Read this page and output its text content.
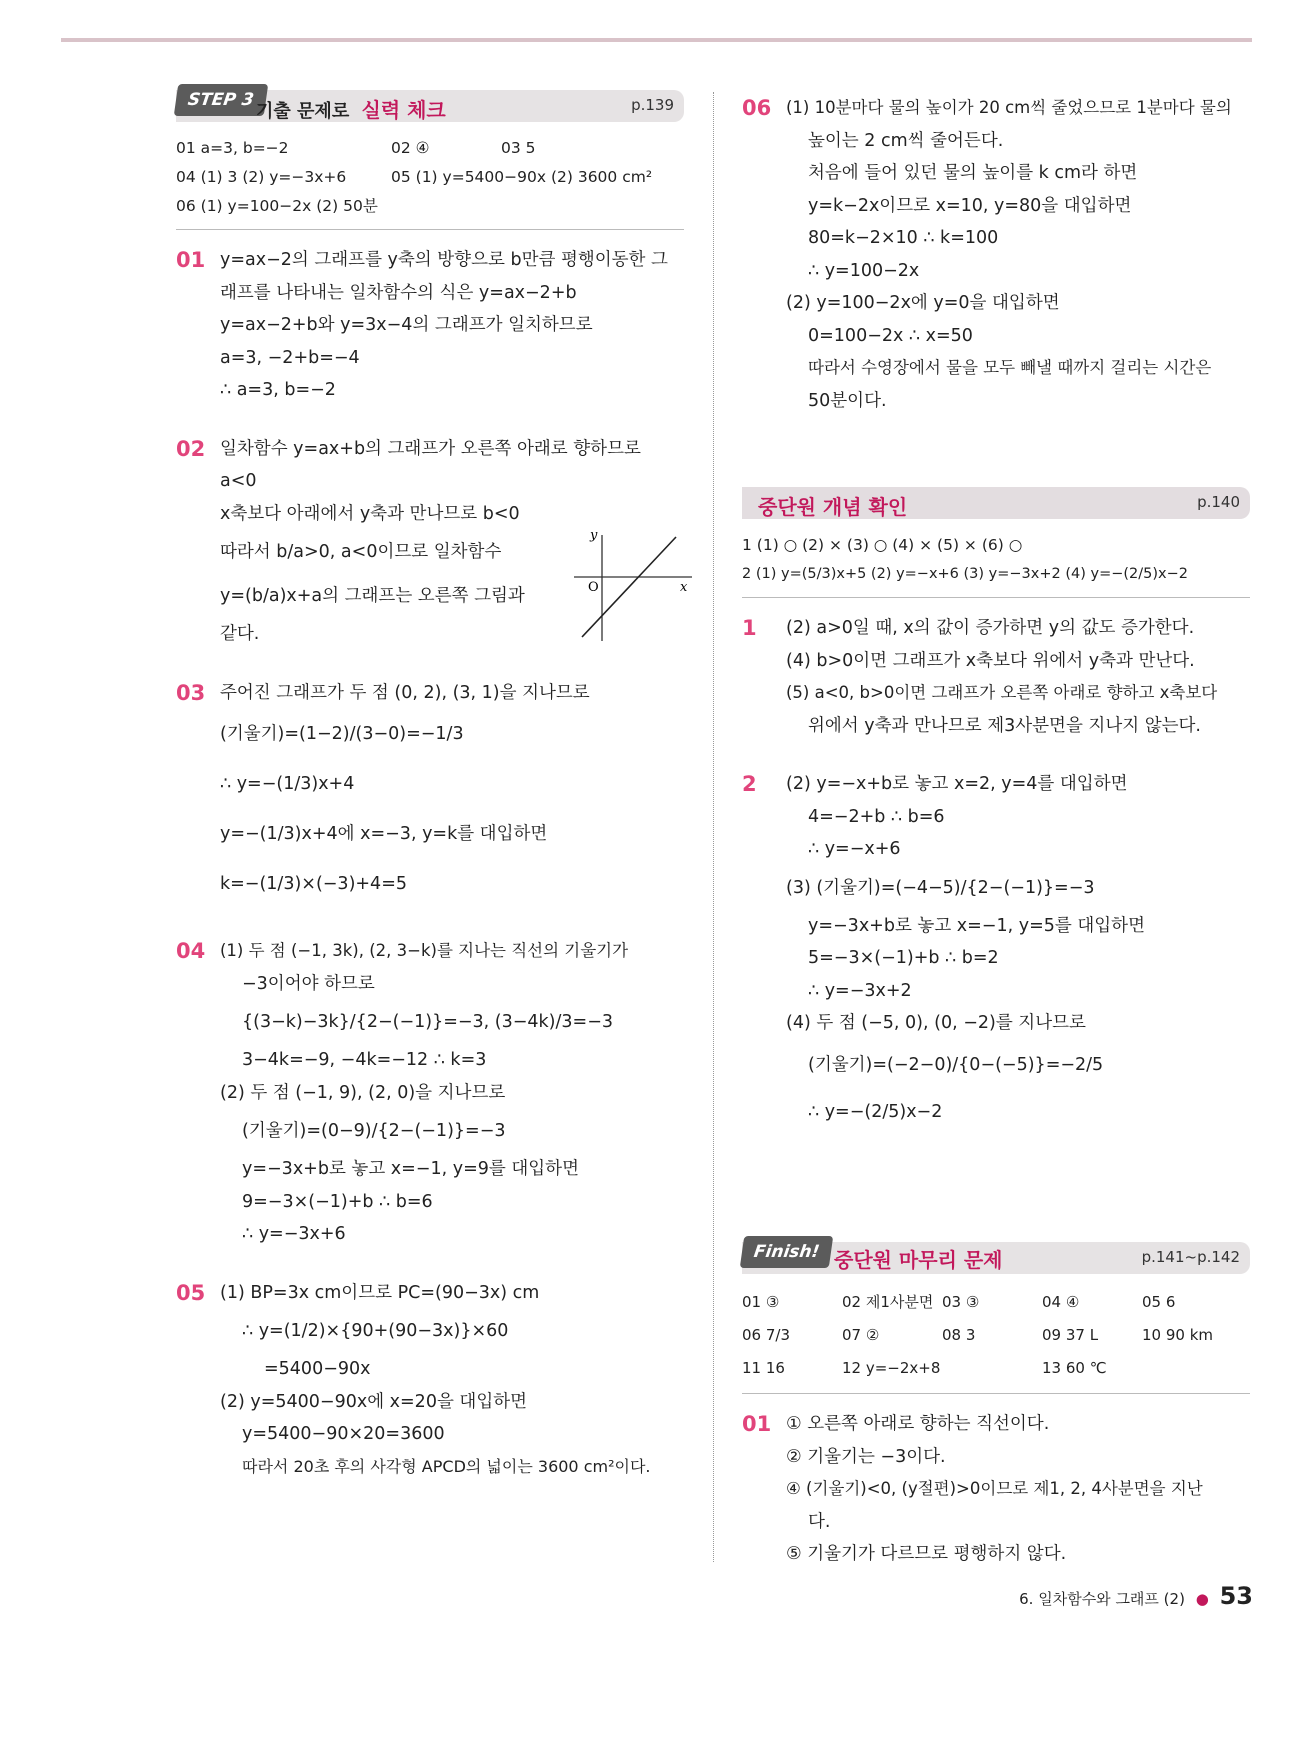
STEP 3
기출 문제로 실력 체크	p.139
01 a=3, b=−2	02 ④	03 5
04 (1) 3 (2) y=−3x+6	05 (1) y=5400−90x (2) 3600 cm²
06 (1) y=100−2x (2) 50분
01 y=ax−2의 그래프를 y축의 방향으로 b만큼 평행이동한 그

래프를 나타내는 일차함수의 식은 y=ax−2+b

y=ax−2+b와 y=3x−4의 그래프가 일치하므로

a=3, −2+b=−4

∴ a=3, b=−2

02 일차함수 y=ax+b의 그래프가 오른쪽 아래로 향하므로

a<0

x축보다 아래에서 y축과 만나므로 b<0

따라서 b/a>0, a<0이므로 일차함수

y=(b/a)x+a의 그래프는 오른쪽 그림과

같다.

y
x
O
03 주어진 그래프가 두 점 (0, 2), (3, 1)을 지나므로

(기울기)=(1−2)/(3−0)=−1/3

∴ y=−(1/3)x+4

y=−(1/3)x+4에 x=−3, y=k를 대입하면

k=−(1/3)×(−3)+4=5

04 (1) 두 점 (−1, 3k), (2, 3−k)를 지나는 직선의 기울기가

−3이어야 하므로

{(3−k)−3k}/{2−(−1)}=−3, (3−4k)/3=−3

3−4k=−9, −4k=−12 ∴ k=3

(2) 두 점 (−1, 9), (2, 0)을 지나므로

(기울기)=(0−9)/{2−(−1)}=−3

y=−3x+b로 놓고 x=−1, y=9를 대입하면

9=−3×(−1)+b ∴ b=6

∴ y=−3x+6

05 (1) BP=3x cm이므로 PC=(90−3x) cm

∴ y=(1/2)×{90+(90−3x)}×60

=5400−90x

(2) y=5400−90x에 x=20을 대입하면

y=5400−90×20=3600

따라서 20초 후의 사각형 APCD의 넓이는 3600 cm²이다.

06 (1) 10분마다 물의 높이가 20 cm씩 줄었으므로 1분마다 물의

높이는 2 cm씩 줄어든다.

처음에 들어 있던 물의 높이를 k cm라 하면

y=k−2x이므로 x=10, y=80을 대입하면

80=k−2×10 ∴ k=100

∴ y=100−2x

(2) y=100−2x에 y=0을 대입하면

0=100−2x ∴ x=50

따라서 수영장에서 물을 모두 빼낼 때까지 걸리는 시간은

50분이다.

중단원 개념 확인	p.140
1 (1) ○ (2) × (3) ○ (4) × (5) × (6) ○
2 (1) y=(5/3)x+5 (2) y=−x+6 (3) y=−3x+2 (4) y=−(2/5)x−2
1 (2) a>0일 때, x의 값이 증가하면 y의 값도 증가한다.

(4) b>0이면 그래프가 x축보다 위에서 y축과 만난다.

(5) a<0, b>0이면 그래프가 오른쪽 아래로 향하고 x축보다

위에서 y축과 만나므로 제3사분면을 지나지 않는다.

2 (2) y=−x+b로 놓고 x=2, y=4를 대입하면

4=−2+b ∴ b=6

∴ y=−x+6

(3) (기울기)=(−4−5)/{2−(−1)}=−3

y=−3x+b로 놓고 x=−1, y=5를 대입하면

5=−3×(−1)+b ∴ b=2

∴ y=−3x+2

(4) 두 점 (−5, 0), (0, −2)를 지나므로

(기울기)=(−2−0)/{0−(−5)}=−2/5

∴ y=−(2/5)x−2

Finish! 중단원 마무리 문제	p.141~p.142
01 ③	02 제1사분면 03 ③	04 ④	05 6
06 7/3	07 ②	08 3	09 37 L	10 90 km
11 16	12 y=−2x+8	13 60 ℃
01 ① 오른쪽 아래로 향하는 직선이다.

② 기울기는 −3이다.

④ (기울기)<0, (y절편)>0이므로 제1, 2, 4사분면을 지난

다.

⑤ 기울기가 다르므로 평행하지 않다.

6. 일차함수와 그래프 (2) ● 53
